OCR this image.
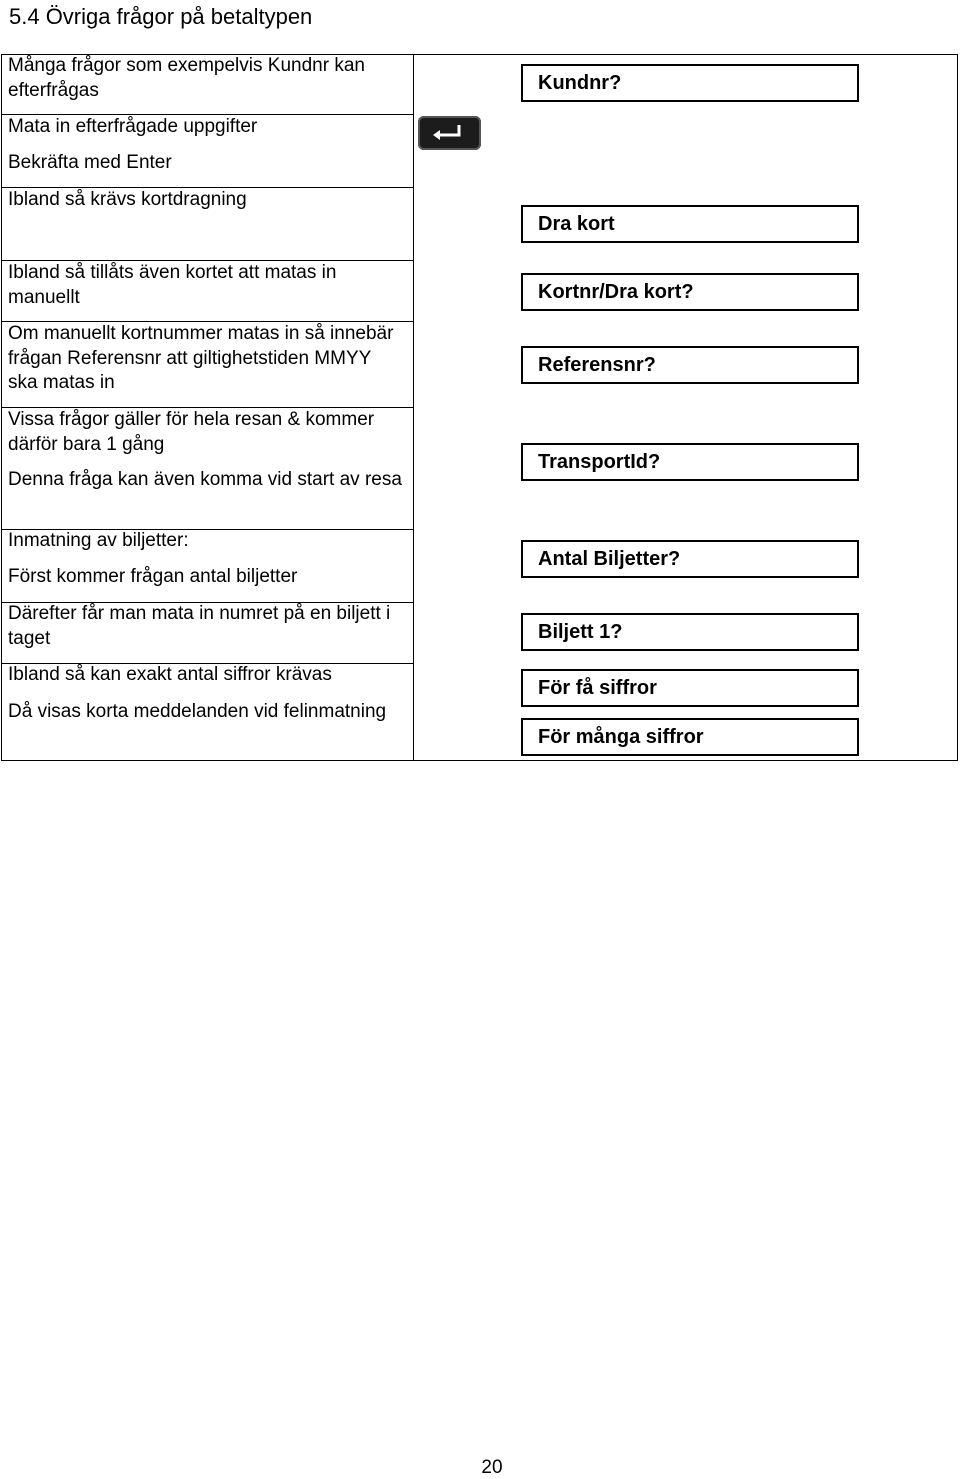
5.4 Övriga frågor på betaltypen

Många frågor som exempelvis Kundnr kan efterfrågas

Mata in efterfrågade uppgifter

Bekräfta med Enter

Ibland så krävs kortdragning

Ibland så tillåts även kortet att matas in manuellt

Om manuellt kortnummer matas in så innebär frågan Referensnr att giltighetstiden MMYY ska matas in

Vissa frågor gäller för hela resan & kommer därför bara 1 gång

Denna fråga kan även komma vid start av resa

Inmatning av biljetter:

Först kommer frågan antal biljetter

Därefter får man mata in numret på en biljett i taget

Ibland så kan exakt antal siffror krävas

Då visas korta meddelanden vid felinmatning

Kundnr?
Dra kort
Kortnr/Dra kort?
Referensnr?
TransportId?
Antal Biljetter?
Biljett 1?
För få siffror
För många siffror
20
